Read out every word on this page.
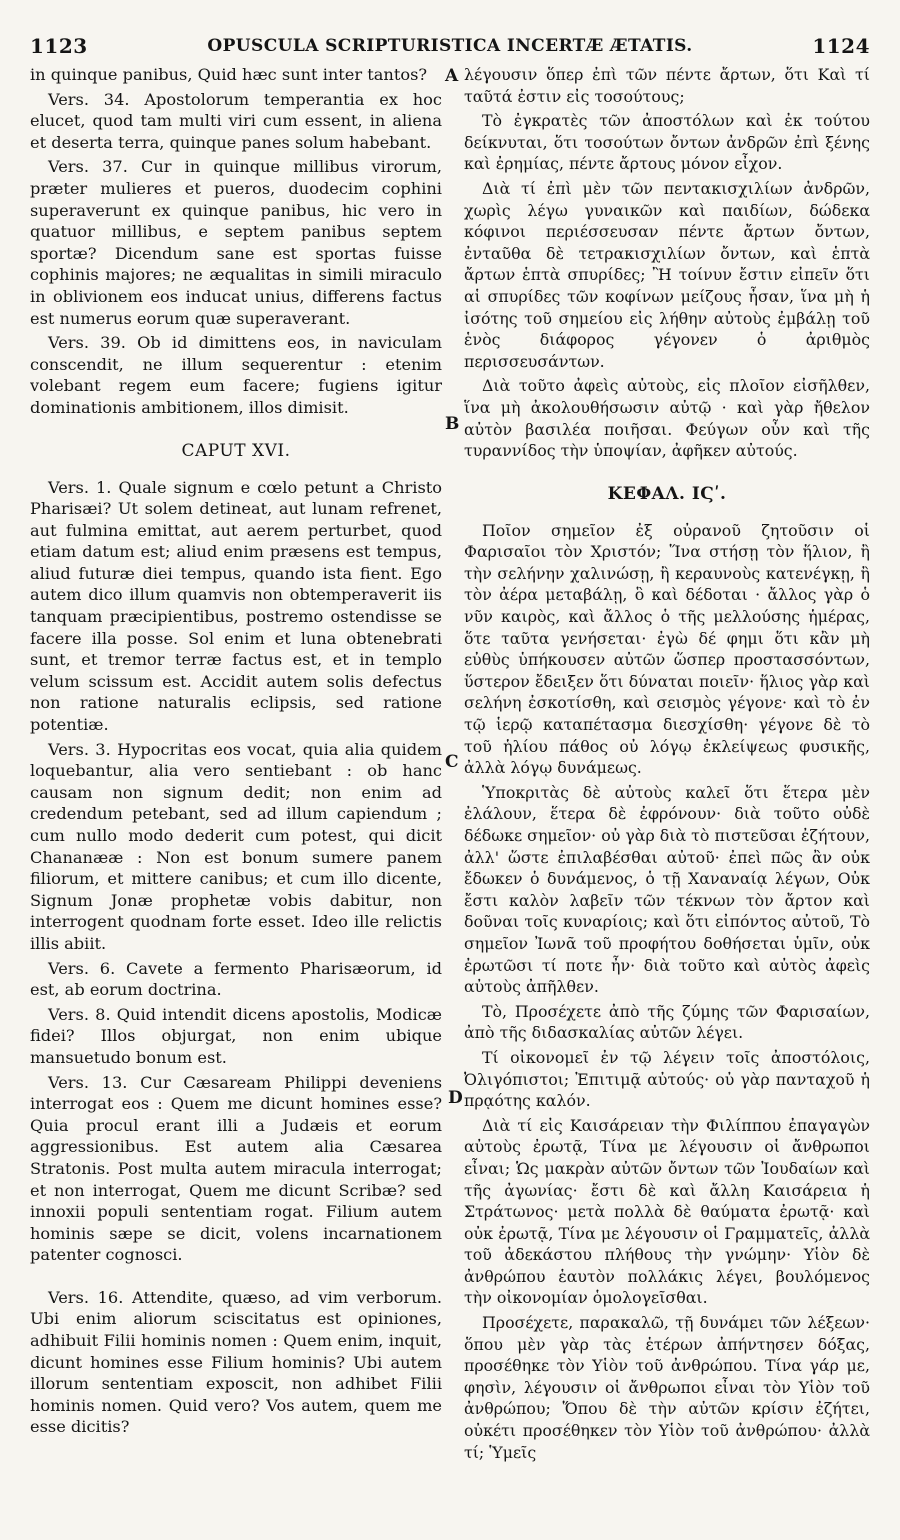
1123	OPUSCULA SCRIPTURISTICA INCERTÆ ÆTATIS.	1124
A
B
C
D

in quinque panibus, Quid hæc sunt inter tantos?

Vers. 34. Apostolorum temperantia ex hoc elucet, quod tam multi viri cum essent, in aliena et deserta terra, quinque panes solum habebant.

Vers. 37. Cur in quinque millibus virorum, præter mulieres et pueros, duodecim cophini superaverunt ex quinque panibus, hic vero in quatuor millibus, e septem panibus septem sportæ? Dicendum sane est sportas fuisse cophinis majores; ne æqualitas in simili miraculo in oblivionem eos inducat unius, differens factus est numerus eorum quæ superaverant.

Vers. 39. Ob id dimittens eos, in naviculam conscendit, ne illum sequerentur : etenim volebant regem eum facere; fugiens igitur dominationis ambitionem, illos dimisit.

CAPUT XVI.

Vers. 1. Quale signum e cœlo petunt a Christo Pharisæi? Ut solem detineat, aut lunam refrenet, aut fulmina emittat, aut aerem perturbet, quod etiam datum est; aliud enim præsens est tempus, aliud futuræ diei tempus, quando ista fient. Ego autem dico illum quamvis non obtemperaverit iis tanquam præcipientibus, postremo ostendisse se facere illa posse. Sol enim et luna obtenebrati sunt, et tremor terræ factus est, et in templo velum scissum est. Accidit autem solis defectus non ratione naturalis eclipsis, sed ratione potentiæ.

Vers. 3. Hypocritas eos vocat, quia alia quidem loquebantur, alia vero sentiebant : ob hanc causam non signum dedit; non enim ad credendum petebant, sed ad illum capiendum ; cum nullo modo dederit cum potest, qui dicit Chananææ : Non est bonum sumere panem filiorum, et mittere canibus; et cum illo dicente, Signum Jonæ prophetæ vobis dabitur, non interrogent quodnam forte esset. Ideo ille relictis illis abiit.

Vers. 6. Cavete a fermento Pharisæorum, id est, ab eorum doctrina.

Vers. 8. Quid intendit dicens apostolis, Modicæ fidei? Illos objurgat, non enim ubique mansuetudo bonum est.

Vers. 13. Cur Cæsaream Philippi deveniens interrogat eos : Quem me dicunt homines esse? Quia procul erant illi a Judæis et eorum aggressionibus. Est autem alia Cæsarea Stratonis. Post multa autem miracula interrogat; et non interrogat, Quem me dicunt Scribæ? sed innoxii populi sententiam rogat. Filium autem hominis sæpe se dicit, volens incarnationem patenter cognosci.

Vers. 16. Attendite, quæso, ad vim verborum. Ubi enim aliorum sciscitatus est opiniones, adhibuit Filii hominis nomen : Quem enim, inquit, dicunt homines esse Filium hominis? Ubi autem illorum sententiam exposcit, non adhibet Filii hominis nomen. Quid vero? Vos autem, quem me esse dicitis?

λέγουσιν ὅπερ ἐπὶ τῶν πέντε ἄρτων, ὅτι Καὶ τί ταῦτά ἐστιν εἰς τοσούτους;

Τὸ ἐγκρατὲς τῶν ἀποστόλων καὶ ἐκ τούτου δείκνυται, ὅτι τοσούτων ὄντων ἀνδρῶν ἐπὶ ξένης καὶ ἐρημίας, πέντε ἄρτους μόνον εἶχον.

Διὰ τί ἐπὶ μὲν τῶν πεντακισχιλίων ἀνδρῶν, χωρὶς λέγω γυναικῶν καὶ παιδίων, δώδεκα κόφινοι περιέσσευσαν πέντε ἄρτων ὄντων, ἐνταῦθα δὲ τετρακισχιλίων ὄντων, καὶ ἑπτὰ ἄρτων ἑπτὰ σπυρίδες; Ἢ τοίνυν ἔστιν εἰπεῖν ὅτι αἱ σπυρίδες τῶν κοφίνων μείζους ἦσαν, ἵνα μὴ ἡ ἰσότης τοῦ σημείου εἰς λήθην αὐτοὺς ἐμβάλῃ τοῦ ἑνὸς διάφορος γέγονεν ὁ ἀριθμὸς περισσευσάντων.

Διὰ τοῦτο ἀφεὶς αὐτοὺς, εἰς πλοῖον εἰσῆλθεν, ἵνα μὴ ἀκολουθήσωσιν αὐτῷ · καὶ γὰρ ἤθελον αὐτὸν βασιλέα ποιῆσαι. Φεύγων οὖν καὶ τῆς τυραννίδος τὴν ὑποψίαν, ἀφῆκεν αὐτούς.

ΚΕΦΑΛ. ΙϚʹ.

Ποῖον σημεῖον ἐξ οὐρανοῦ ζητοῦσιν οἱ Φαρισαῖοι τὸν Χριστόν; Ἵνα στήσῃ τὸν ἥλιον, ἢ τὴν σελήνην χαλινώσῃ, ἢ κεραυνοὺς κατενέγκῃ, ἢ τὸν ἀέρα μεταβάλῃ, ὃ καὶ δέδοται · ἄλλος γὰρ ὁ νῦν καιρὸς, καὶ ἄλλος ὁ τῆς μελλούσης ἡμέρας, ὅτε ταῦτα γενήσεται· ἐγὼ δέ φημι ὅτι κἂν μὴ εὐθὺς ὑπήκουσεν αὐτῶν ὥσπερ προστασσόντων, ὕστερον ἔδειξεν ὅτι δύναται ποιεῖν· ἥλιος γὰρ καὶ σελήνη ἐσκοτίσθη, καὶ σεισμὸς γέγονε· καὶ τὸ ἐν τῷ ἱερῷ καταπέτασμα διεσχίσθη· γέγονε δὲ τὸ τοῦ ἡλίου πάθος οὐ λόγῳ ἐκλείψεως φυσικῆς, ἀλλὰ λόγῳ δυνάμεως.

Ὑποκριτὰς δὲ αὐτοὺς καλεῖ ὅτι ἕτερα μὲν ἐλάλουν, ἕτερα δὲ ἐφρόνουν· διὰ τοῦτο οὐδὲ δέδωκε σημεῖον· οὐ γὰρ διὰ τὸ πιστεῦσαι ἐζήτουν, ἀλλ' ὥστε ἐπιλαβέσθαι αὐτοῦ· ἐπεὶ πῶς ἂν οὐκ ἔδωκεν ὁ δυνάμενος, ὁ τῇ Χαναναίᾳ λέγων, Οὐκ ἔστι καλὸν λαβεῖν τῶν τέκνων τὸν ἄρτον καὶ δοῦναι τοῖς κυναρίοις; καὶ ὅτι εἰπόντος αὐτοῦ, Τὸ σημεῖον Ἰωνᾶ τοῦ προφήτου δοθήσεται ὑμῖν, οὐκ ἐρωτῶσι τί ποτε ἦν· διὰ τοῦτο καὶ αὐτὸς ἀφεὶς αὐτοὺς ἀπῆλθεν.

Τὸ, Προσέχετε ἀπὸ τῆς ζύμης τῶν Φαρισαίων, ἀπὸ τῆς διδασκαλίας αὐτῶν λέγει.

Τί οἰκονομεῖ ἐν τῷ λέγειν τοῖς ἀποστόλοις, Ὀλιγόπιστοι; Ἐπιτιμᾷ αὐτούς· οὐ γὰρ πανταχοῦ ἡ πρᾳότης καλόν.

Διὰ τί εἰς Καισάρειαν τὴν Φιλίππου ἐπαγαγὼν αὐτοὺς ἐρωτᾷ, Τίνα με λέγουσιν οἱ ἄνθρωποι εἶναι; Ὡς μακρὰν αὐτῶν ὄντων τῶν Ἰουδαίων καὶ τῆς ἀγωνίας· ἔστι δὲ καὶ ἄλλη Καισάρεια ἡ Στράτωνος· μετὰ πολλὰ δὲ θαύματα ἐρωτᾷ· καὶ οὐκ ἐρωτᾷ, Τίνα με λέγουσιν οἱ Γραμματεῖς, ἀλλὰ τοῦ ἀδεκάστου πλήθους τὴν γνώμην· Υἱὸν δὲ ἀνθρώπου ἑαυτὸν πολλάκις λέγει, βουλόμενος τὴν οἰκονομίαν ὁμολογεῖσθαι.

Προσέχετε, παρακαλῶ, τῇ δυνάμει τῶν λέξεων· ὅπου μὲν γὰρ τὰς ἑτέρων ἀπήντησεν δόξας, προσέθηκε τὸν Υἱὸν τοῦ ἀνθρώπου. Τίνα γάρ με, φησὶν, λέγουσιν οἱ ἄνθρωποι εἶναι τὸν Υἱὸν τοῦ ἀνθρώπου; Ὅπου δὲ τὴν αὐτῶν κρίσιν ἐζήτει, οὐκέτι προσέθηκεν τὸν Υἱὸν τοῦ ἀνθρώπου· ἀλλὰ τί; Ὑμεῖς
